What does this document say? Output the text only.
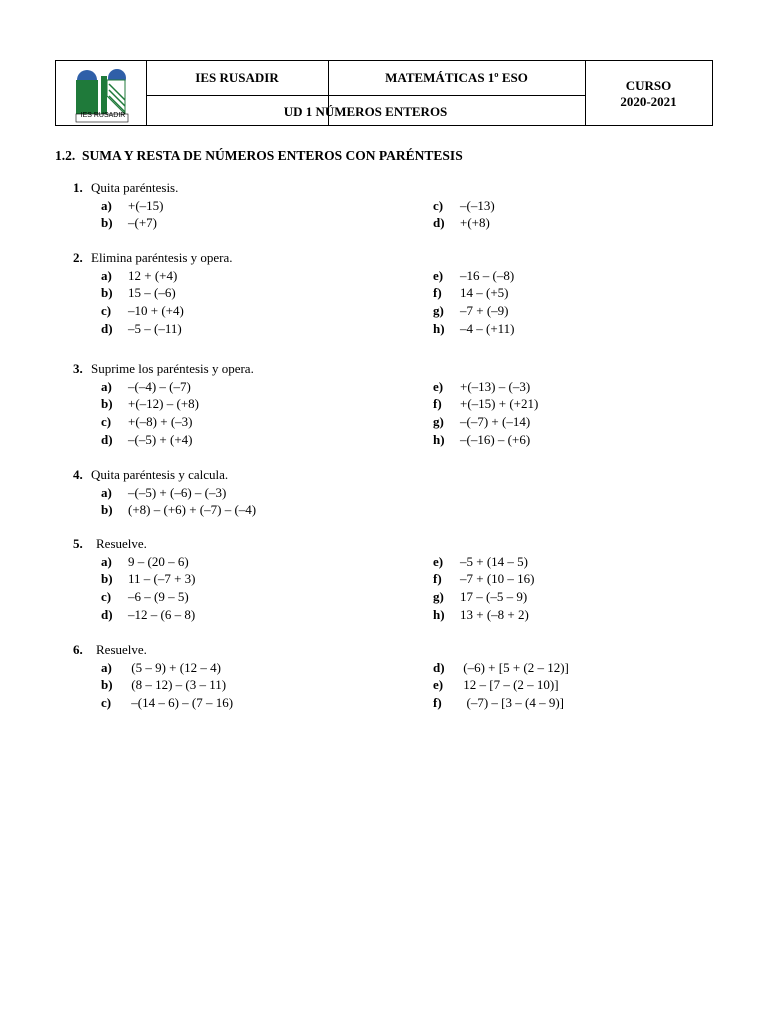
IES RUSADIR
IES RUSADIR	MATEMÁTICAS 1º ESO
UD 1 NÚMEROS ENTEROS
CURSO
2020-2021
1.2.  SUMA Y RESTA DE NÚMEROS ENTEROS CON PARÉNTESIS
1. Quita paréntesis.
a) +(–15)
b) –(+7)
c) –(–13)
d) +(+8)
2. Elimina paréntesis y opera.
a) 12 + (+4)
b) 15 – (–6)
c) –10 + (+4)
d) –5 – (–11)
e) –16 – (–8)
f) 14 – (+5)
g) –7 + (–9)
h) –4 – (+11)
3. Suprime los paréntesis y opera.
a) –(–4) – (–7)
b) +(–12) – (+8)
c) +(–8) + (–3)
d) –(–5) + (+4)
e) +(–13) – (–3)
f) +(–15) + (+21)
g) –(–7) + (–14)
h) –(–16) – (+6)
4. Quita paréntesis y calcula.
a) –(–5) + (–6) – (–3)
b) (+8) – (+6) + (–7) – (–4)
5. Resuelve.
a) 9 – (20 – 6)
b) 11 – (–7 + 3)
c) –6 – (9 – 5)
d) –12 – (6 – 8)
e) –5 + (14 – 5)
f) –7 + (10 – 16)
g) 17 – (–5 – 9)
h) 13 + (–8 + 2)
6. Resuelve.
a) (5 – 9) + (12 – 4)
b) (8 – 12) – (3 – 11)
c) –(14 – 6) – (7 – 16)
d) (–6) + [5 + (2 – 12)]
e) 12 – [7 – (2 – 10)]
f)  (–7) – [3 – (4 – 9)]
